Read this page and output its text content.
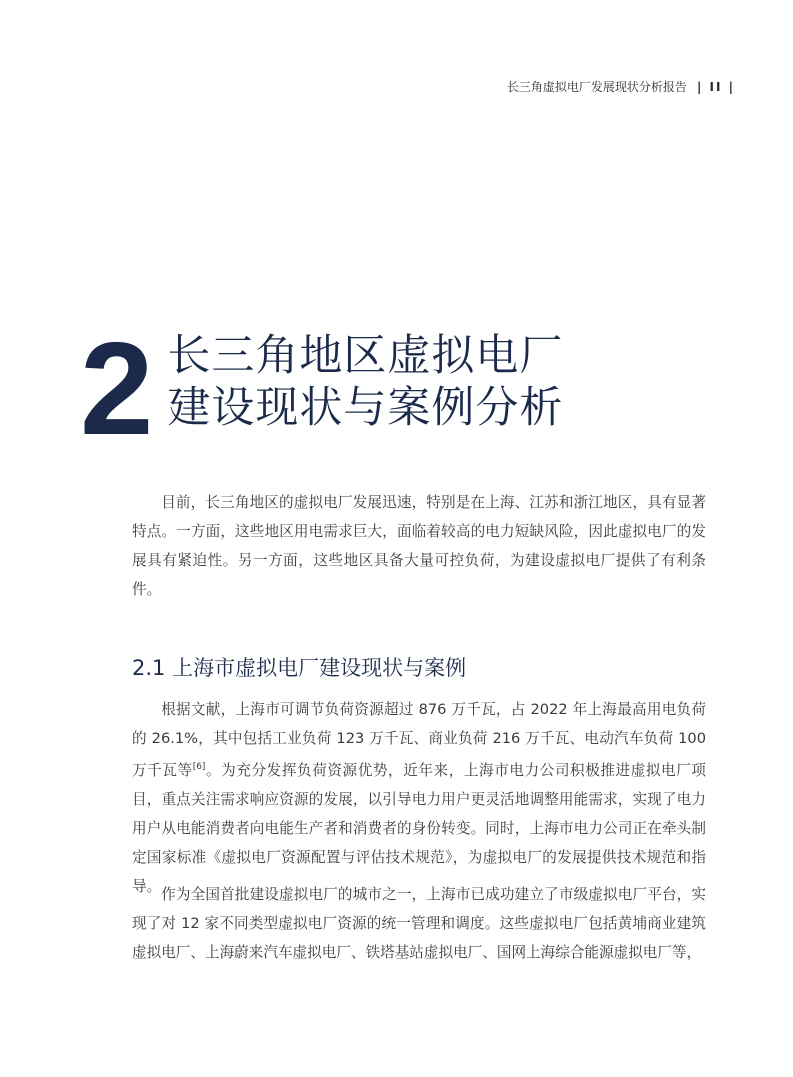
长三角虚拟电厂发展现状分析报告 | II |
2 长三角地区虚拟电厂
建设现状与案例分析

目前，长三角地区的虚拟电厂发展迅速，特别是在上海、江苏和浙江地区，具有显著特点。一方面，这些地区用电需求巨大，面临着较高的电力短缺风险，因此虚拟电厂的发展具有紧迫性。另一方面，这些地区具备大量可控负荷，为建设虚拟电厂提供了有利条件。

2.1 上海市虚拟电厂建设现状与案例

根据文献，上海市可调节负荷资源超过 876 万千瓦，占 2022 年上海最高用电负荷的 26.1%，其中包括工业负荷 123 万千瓦、商业负荷 216 万千瓦、电动汽车负荷 100 万千瓦等[6]。为充分发挥负荷资源优势，近年来，上海市电力公司积极推进虚拟电厂项目，重点关注需求响应资源的发展，以引导电力用户更灵活地调整用能需求，实现了电力用户从电能消费者向电能生产者和消费者的身份转变。同时，上海市电力公司正在牵头制定国家标准《虚拟电厂资源配置与评估技术规范》，为虚拟电厂的发展提供技术规范和指导。 作为全国首批建设虚拟电厂的城市之一，上海市已成功建立了市级虚拟电厂平台，实现了对 12 家不同类型虚拟电厂资源的统一管理和调度。这些虚拟电厂包括黄埔商业建筑虚拟电厂、上海蔚来汽车虚拟电厂、铁塔基站虚拟电厂、国网上海综合能源虚拟电厂等，
